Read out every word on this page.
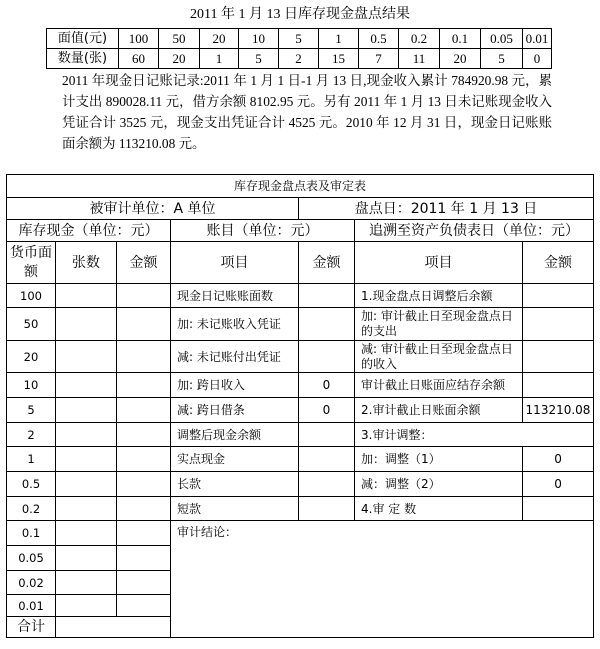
2011 年 1 月 13 日库存现金盘点结果
面值(元)	100	50	20	10	5	1	0.5	0.2	0.1	0.05	0.01
数量(张)	60	20	1	5	2	15	7	11	20	5	0
2011 年现金日记账记录:2011 年 1 月 1 日-1 月 13 日,现金收入累计 784920.98 元，累计支出 890028.11 元，借方余额 8102.95 元。另有 2011 年 1 月 13 日未记账现金收入凭证合计 3525 元，现金支出凭证合计 4525 元。2010 年 12 月 31 日，现金日记账账面余额为 113210.08 元。
库存现金盘点表及审定表						
被审计单位：A 单位				盘点日：2011 年 1 月 13 日		
库存现金（单位：元）			账目（单位：元）		追溯至资产负债表日（单位：元）	
货币面额	张数	金额	项目	金额	项目	金额
100			现金日记账账面数		1.现金盘点日调整后余额	
50			加: 未记账收入凭证		加: 审计截止日至现金盘点日的支出	
20			减: 未记账付出凭证		减: 审计截止日至现金盘点日的收入	
10			加: 跨日收入	0	审计截止日账面应结存余额	
5			减: 跨日借条	0	2.审计截止日账面余额	113210.08
2			调整后现金余额		3.审计调整：	
1			实点现金		加：调整（1）	0
0.5			长款		减：调整（2）	0
0.2			短款		4.审 定 数	
0.1			审计结论：			
0.05						
0.02						
0.01						
合计						
